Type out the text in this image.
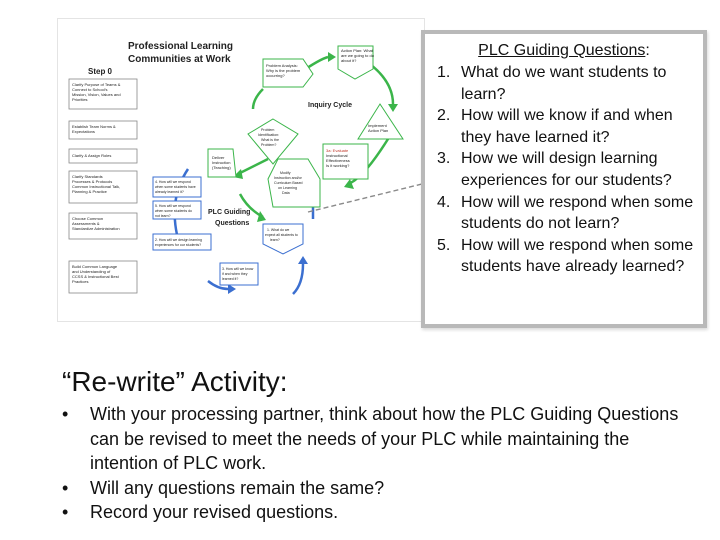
Professional Learning
Communities at Work
Step 0
Clarify Purpose of Teams & Connect to School's Mission, Vision, Values and Priorities
Establish Team Norms & Expectations
Clarify & Assign Roles
Clarify Standards Processes & Protocols Common Instructional Talk, Planning & Practice
Choose Common Assessments & Standardize Administration
Build Common Language and Understanding of CCSS & Instructional Best Practices
Action Plan: What are we going to do about it?
Problem Analysis: Why is the problem occurring?
Implement Action Plan
Problem Identification: What is the Problem?
3a: Evaluate Instructional Effectiveness Is it working?
Deliver Instruction (Teaching)
Modify Instruction and/or Curriculum Based on Learning Data
Inquiry Cycle
PLC Guiding
Questions
4. How will we respond when some students have already learned it?
5. How will we respond when some students do not learn?
1. What do we expect all students to learn?
2. How will we design learning experiences for our students?
3. How will we know if and when they learned it?
PLC Guiding Questions:
1. What do we want students to learn?
2. How will we know if and when they have learned it?
3. How we will design learning experiences for our students?
4. How will we respond when some students do not learn?
5. How will we respond when some students have already learned?
“Re-write” Activity:
•	With your processing partner, think about how the PLC Guiding Questions can be revised to meet the needs of your PLC while maintaining the intention of PLC work.
•	Will any questions remain the same?
•	Record your revised questions.
